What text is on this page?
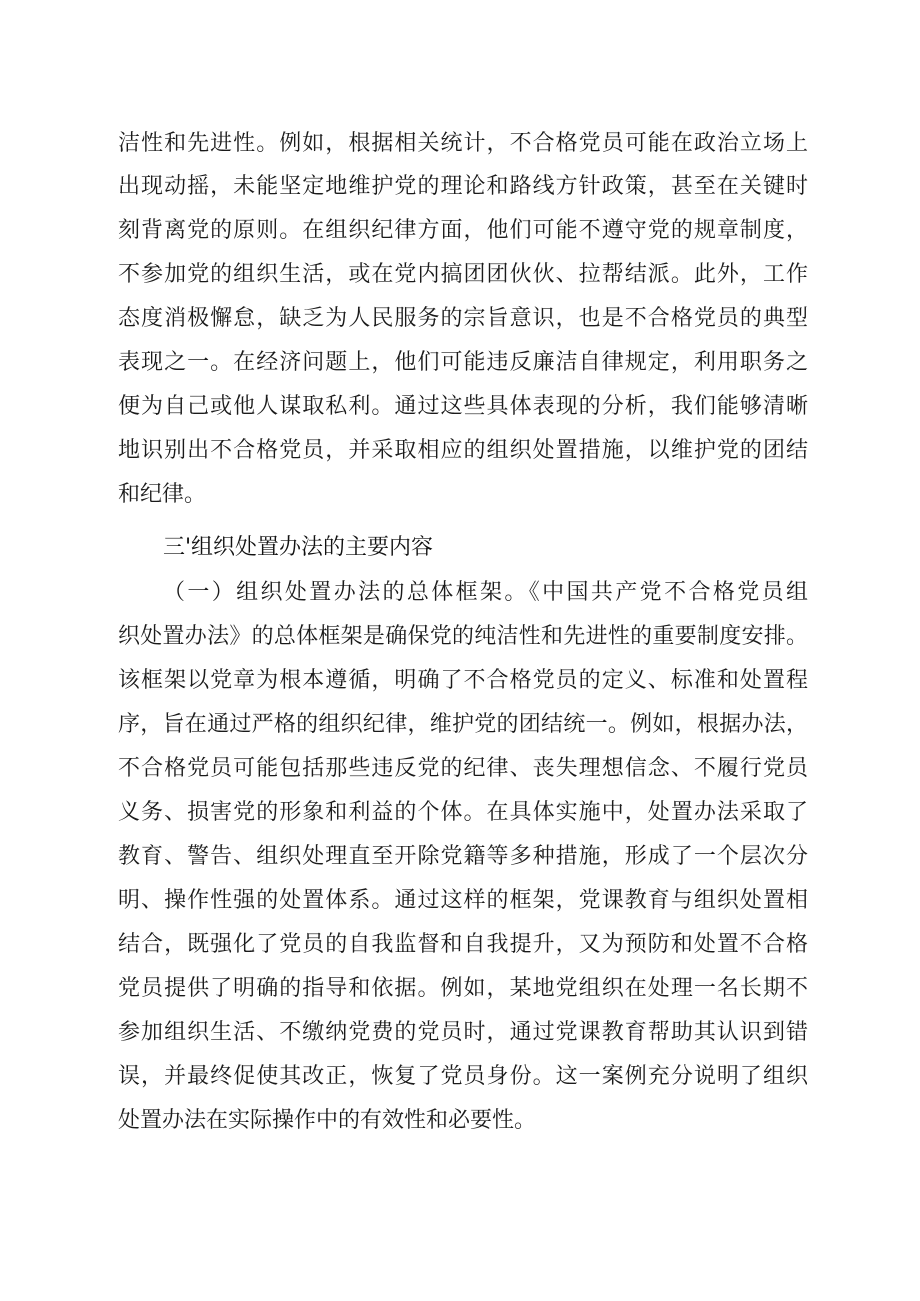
洁性和先进性。例如，根据相关统计，不合格党员可能在政治立场上
出现动摇，未能坚定地维护党的理论和路线方针政策，甚至在关键时
刻背离党的原则。在组织纪律方面，他们可能不遵守党的规章制度，
不参加党的组织生活，或在党内搞团团伙伙、拉帮结派。此外，工作
态度消极懈怠，缺乏为人民服务的宗旨意识，也是不合格党员的典型
表现之一。在经济问题上，他们可能违反廉洁自律规定，利用职务之
便为自己或他人谋取私利。通过这些具体表现的分析，我们能够清晰
地识别出不合格党员，并采取相应的组织处置措施，以维护党的团结
和纪律。
三'组织处置办法的主要内容
（一）组织处置办法的总体框架。《中国共产党不合格党员组
织处置办法》的总体框架是确保党的纯洁性和先进性的重要制度安排。
该框架以党章为根本遵循，明确了不合格党员的定义、标准和处置程
序，旨在通过严格的组织纪律，维护党的团结统一。例如，根据办法，
不合格党员可能包括那些违反党的纪律、丧失理想信念、不履行党员
义务、损害党的形象和利益的个体。在具体实施中，处置办法采取了
教育、警告、组织处理直至开除党籍等多种措施，形成了一个层次分
明、操作性强的处置体系。通过这样的框架，党课教育与组织处置相
结合，既强化了党员的自我监督和自我提升，又为预防和处置不合格
党员提供了明确的指导和依据。例如，某地党组织在处理一名长期不
参加组织生活、不缴纳党费的党员时，通过党课教育帮助其认识到错
误，并最终促使其改正，恢复了党员身份。这一案例充分说明了组织
处置办法在实际操作中的有效性和必要性。
